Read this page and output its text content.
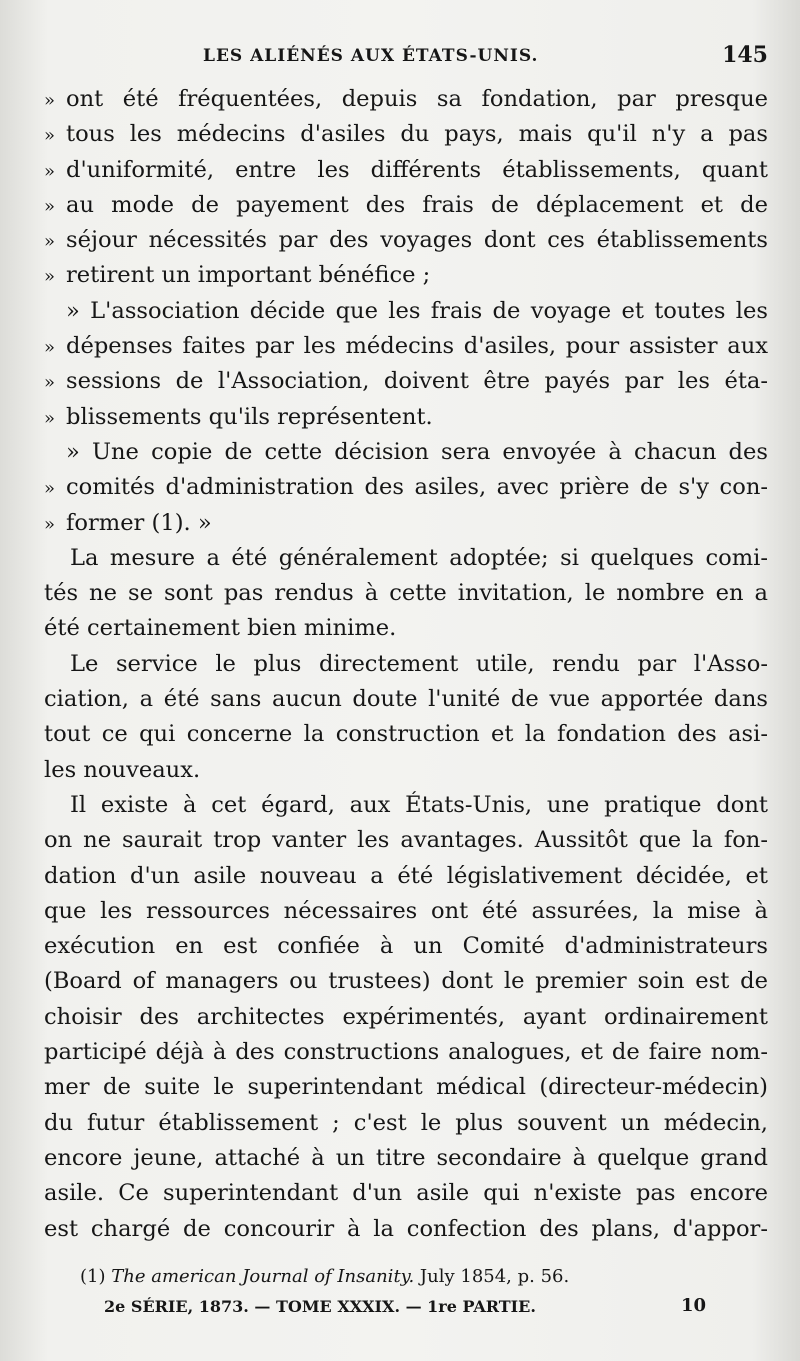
LES ALIÉNÉS AUX ÉTATS-UNIS.	145
» ont été fréquentées, depuis sa fondation, par presque
» tous les médecins d'asiles du pays, mais qu'il n'y a pas
» d'uniformité, entre les différents établissements, quant
» au mode de payement des frais de déplacement et de
» séjour nécessités par des voyages dont ces établissements
» retirent un important bénéfice ;
» L'association décide que les frais de voyage et toutes les
» dépenses faites par les médecins d'asiles, pour assister aux
» sessions de l'Association, doivent être payés par les éta-
» blissements qu'ils représentent.
» Une copie de cette décision sera envoyée à chacun des
» comités d'administration des asiles, avec prière de s'y con-
» former (1). »
La mesure a été généralement adoptée; si quelques comi-
tés ne se sont pas rendus à cette invitation, le nombre en a
été certainement bien minime.
Le service le plus directement utile, rendu par l'Asso-
ciation, a été sans aucun doute l'unité de vue apportée dans
tout ce qui concerne la construction et la fondation des asi-
les nouveaux.
Il existe à cet égard, aux États-Unis, une pratique dont
on ne saurait trop vanter les avantages. Aussitôt que la fon-
dation d'un asile nouveau a été législativement décidée, et
que les ressources nécessaires ont été assurées, la mise à
exécution en est confiée à un Comité d'administrateurs
(Board of managers ou trustees) dont le premier soin est de
choisir des architectes expérimentés, ayant ordinairement
participé déjà à des constructions analogues, et de faire nom-
mer de suite le superintendant médical (directeur-médecin)
du futur établissement ; c'est le plus souvent un médecin,
encore jeune, attaché à un titre secondaire à quelque grand
asile. Ce superintendant d'un asile qui n'existe pas encore
est chargé de concourir à la confection des plans, d'appor-
(1) The american Journal of Insanity. July 1854, p. 56.
2e SÉRIE, 1873. — TOME XXXIX. — 1re PARTIE.	10
